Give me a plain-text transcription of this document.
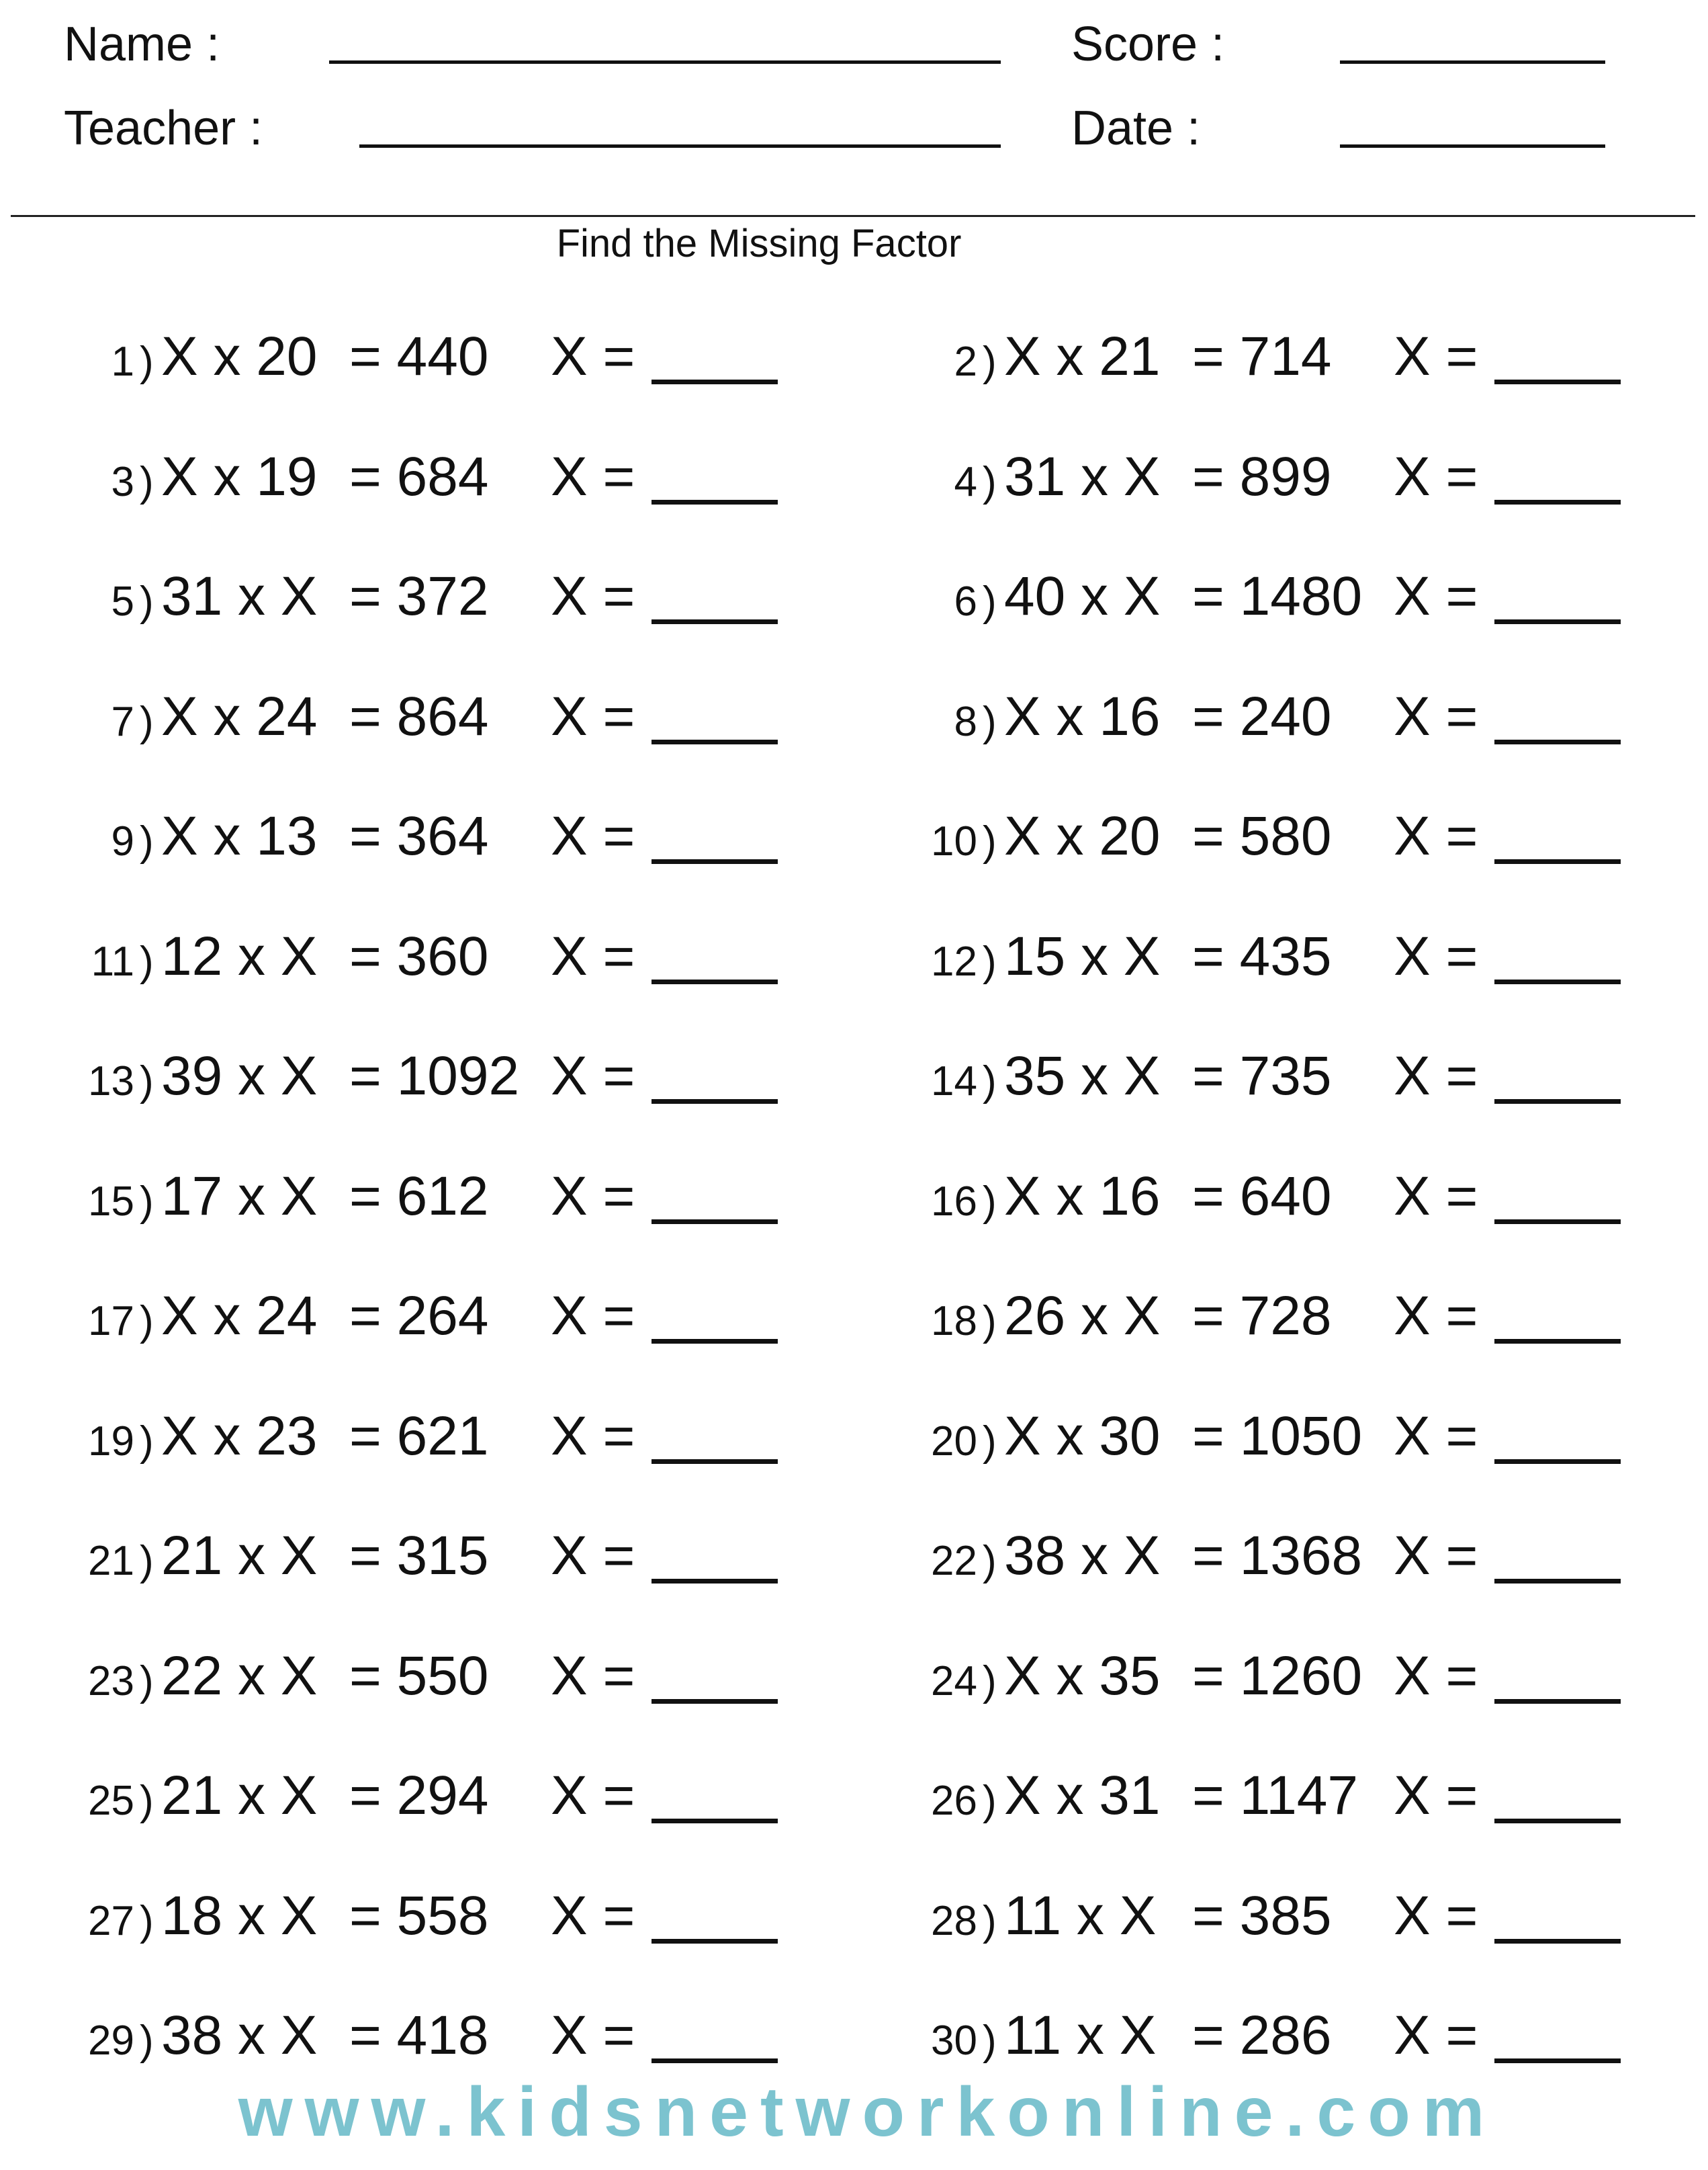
Name :
Teacher :
Score :
Date :
Find the Missing Factor
1 ) X x 20 = 440 X =	2 ) X x 21 = 714 X =
3 ) X x 19 = 684 X =	4 ) 31 x X = 899 X =
5 ) 31 x X = 372 X =	6 ) 40 x X = 1480 X =
7 ) X x 24 = 864 X =	8 ) X x 16 = 240 X =
9 ) X x 13 = 364 X =	10 ) X x 20 = 580 X =
11 ) 12 x X = 360 X =	12 ) 15 x X = 435 X =
13 ) 39 x X = 1092 X =	14 ) 35 x X = 735 X =
15 ) 17 x X = 612 X =	16 ) X x 16 = 640 X =
17 ) X x 24 = 264 X =	18 ) 26 x X = 728 X =
19 ) X x 23 = 621 X =	20 ) X x 30 = 1050 X =
21 ) 21 x X = 315 X =	22 ) 38 x X = 1368 X =
23 ) 22 x X = 550 X =	24 ) X x 35 = 1260 X =
25 ) 21 x X = 294 X =	26 ) X x 31 = 1147 X =
27 ) 18 x X = 558 X =	28 ) 11 x X = 385 X =
29 ) 38 x X = 418 X =	30 ) 11 x X = 286 X =
www.kidsnetworkonline.com
